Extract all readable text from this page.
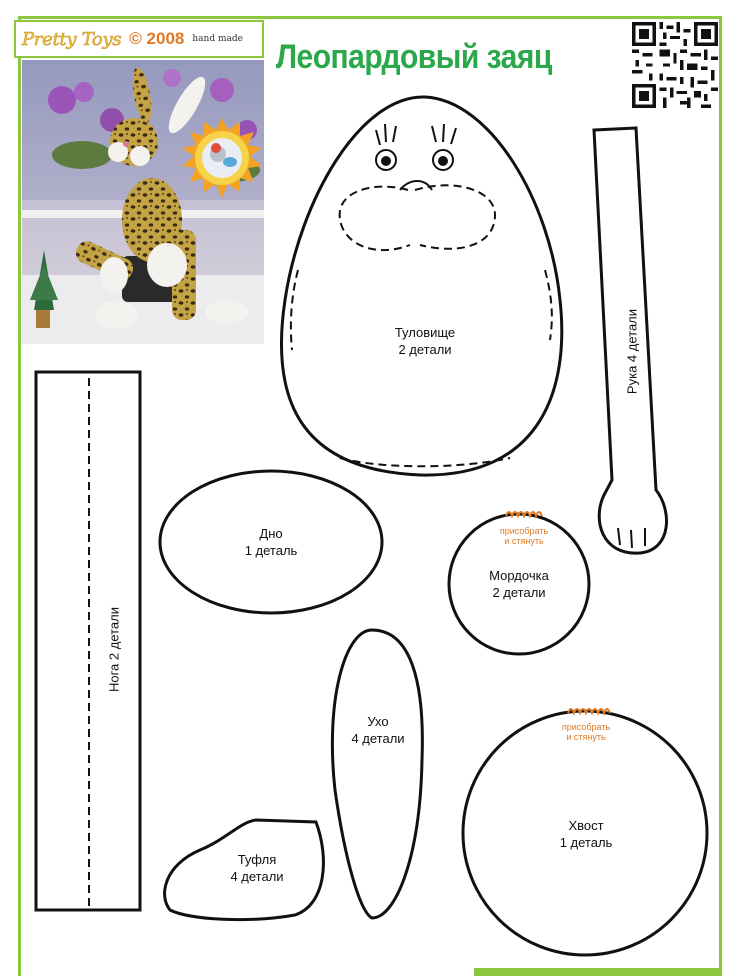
Pretty Toys © 2008 hand made Леопардовый заяц
Туловище
2 детали	Рука 4 детали
Нога 2 детали
Дно
1 деталь
присобрать
и стянуть
Мордочка
2 детали
Ухо
4 детали
присобрать
и стянуть
Хвост
1 деталь
Туфля
4 детали
